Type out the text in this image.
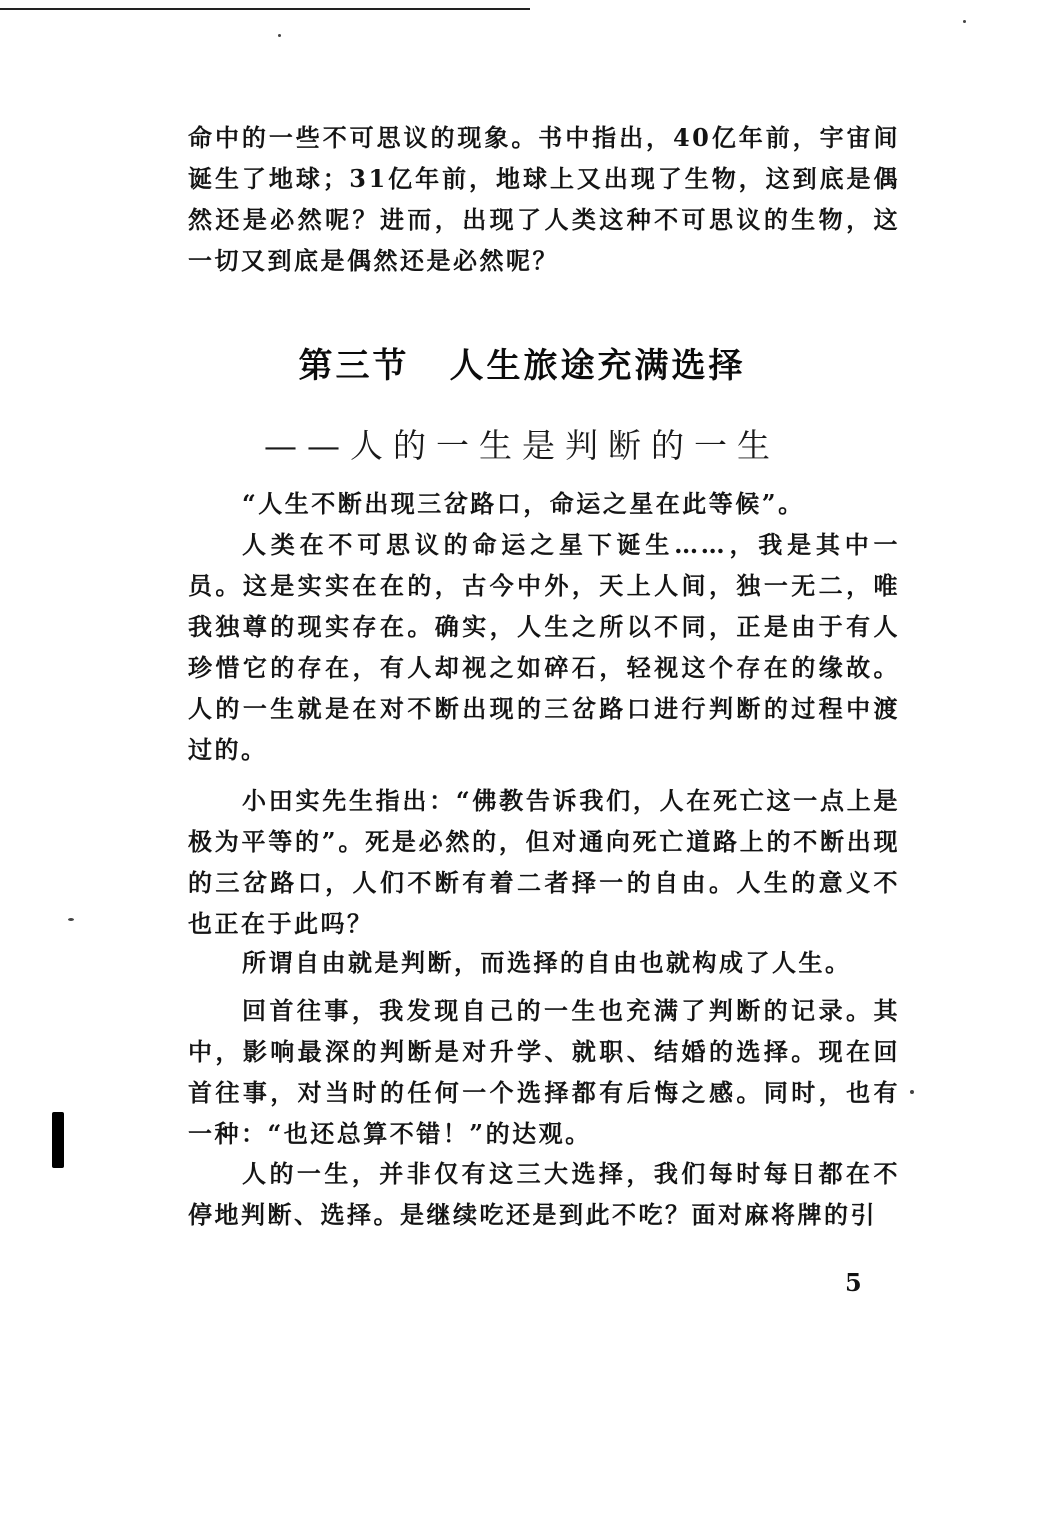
命中的一些不可思议的现象。书中指出，40亿年前，宇宙间诞生了地球；31亿年前，地球上又出现了生物，这到底是偶然还是必然呢？进而，出现了人类这种不可思议的生物，这一切又到底是偶然还是必然呢？

第三节 人生旅途充满选择
——人的一生是判断的一生

“人生不断出现三岔路口，命运之星在此等候”。

人类在不可思议的命运之星下诞生……，我是其中一员。这是实实在在的，古今中外，天上人间，独一无二，唯我独尊的现实存在。确实，人生之所以不同，正是由于有人珍惜它的存在，有人却视之如碎石，轻视这个存在的缘故。人的一生就是在对不断出现的三岔路口进行判断的过程中渡过的。

小田实先生指出：“佛教告诉我们，人在死亡这一点上是极为平等的”。死是必然的，但对通向死亡道路上的不断出现的三岔路口，人们不断有着二者择一的自由。人生的意义不也正在于此吗？

所谓自由就是判断，而选择的自由也就构成了人生。

回首往事，我发现自己的一生也充满了判断的记录。其中，影响最深的判断是对升学、就职、结婚的选择。现在回首往事，对当时的任何一个选择都有后悔之感。同时，也有一种：“也还总算不错！”的达观。

人的一生，并非仅有这三大选择，我们每时每日都在不停地判断、选择。是继续吃还是到此不吃？面对麻将牌的引

5
